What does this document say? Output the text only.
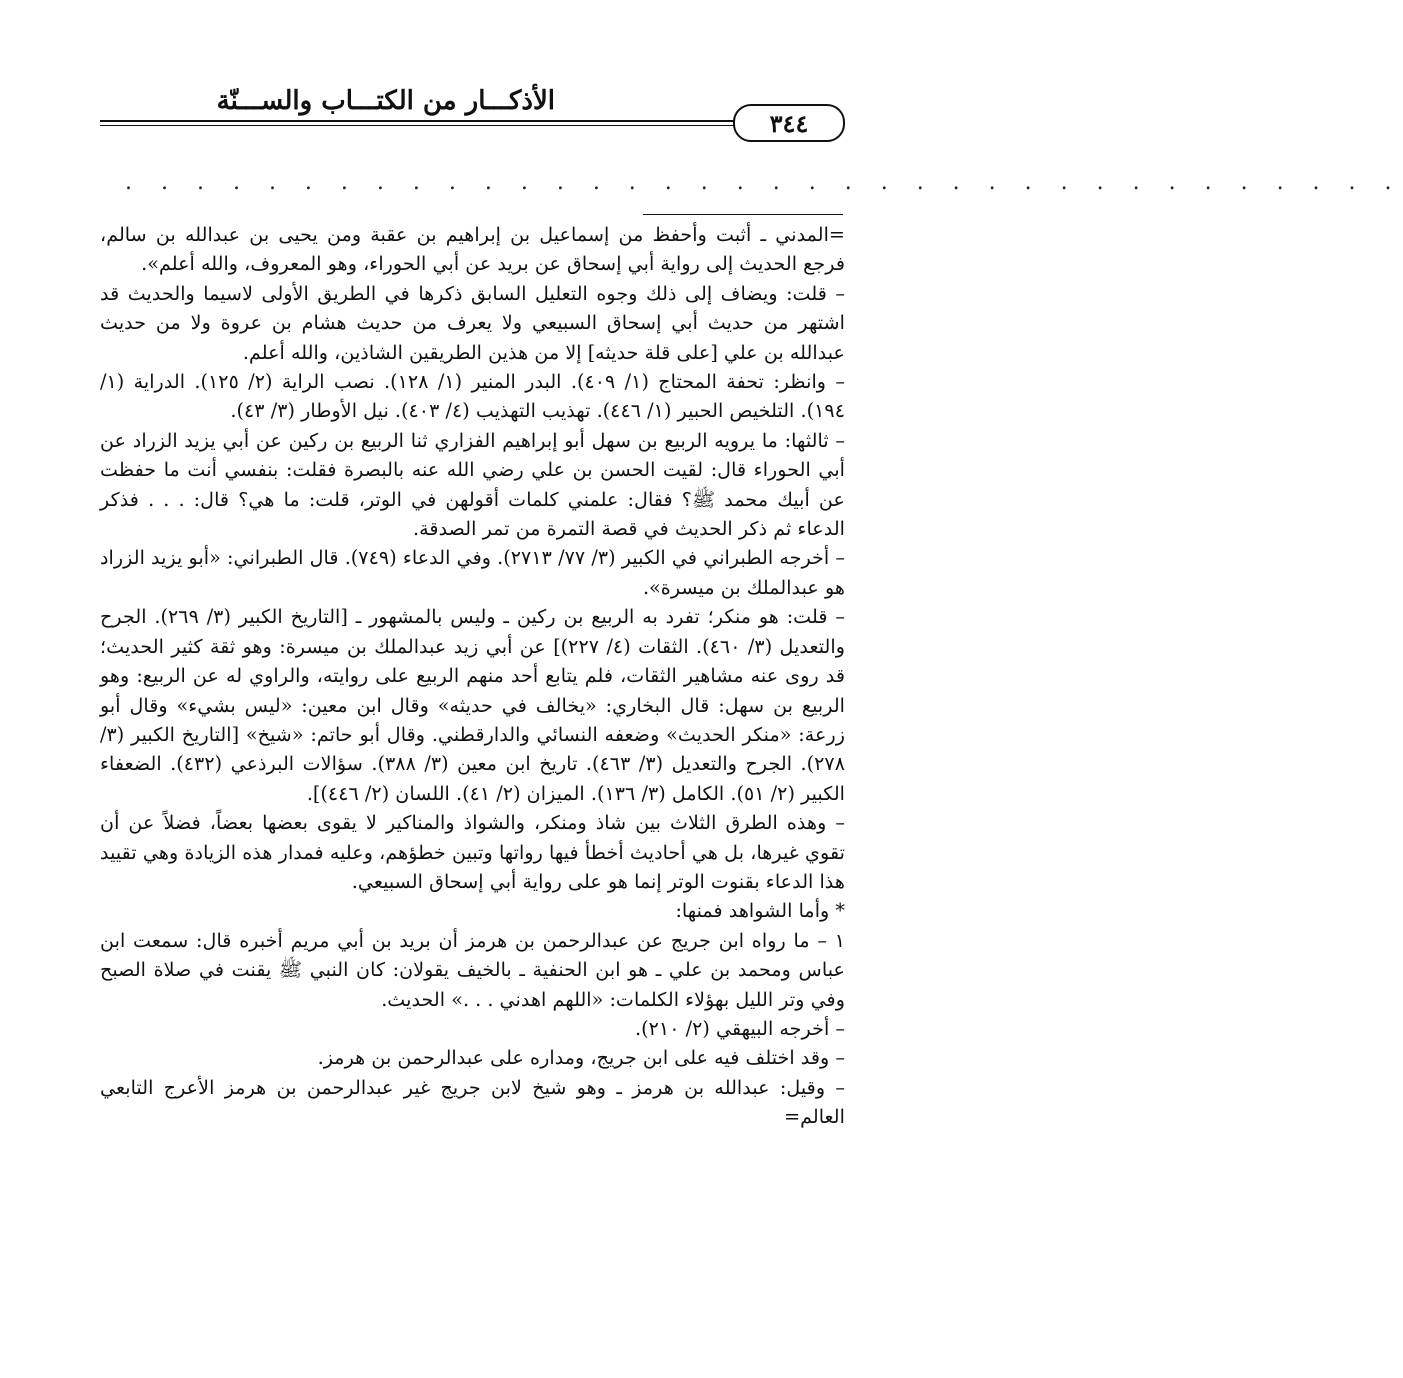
الأذكـــار من الكتـــاب والســـنّة
٣٤٤
. . . . . . . . . . . . . . . . . . . . . . . . . . . . . . . . . . . .

=المدني ـ أثبت وأحفظ من إسماعيل بن إبراهيم بن عقبة ومن يحيى بن عبدالله بن سالم، فرجع الحديث إلى رواية أبي إسحاق عن بريد عن أبي الحوراء، وهو المعروف، والله أعلم».

– قلت: ويضاف إلى ذلك وجوه التعليل السابق ذكرها في الطريق الأولى لاسيما والحديث قد اشتهر من حديث أبي إسحاق السبيعي ولا يعرف من حديث هشام بن عروة ولا من حديث عبدالله بن علي [على قلة حديثه] إلا من هذين الطريقين الشاذين، والله أعلم.

– وانظر: تحفة المحتاج (١/ ٤٠٩). البدر المنير (١/ ١٢٨). نصب الراية (٢/ ١٢٥). الدراية (١/ ١٩٤). التلخيص الحبير (١/ ٤٤٦). تهذيب التهذيب (٤/ ٤٠٣). نيل الأوطار (٣/ ٤٣).

– ثالثها: ما يرويه الربيع بن سهل أبو إبراهيم الفزاري ثنا الربيع بن ركين عن أبي يزيد الزراد عن أبي الحوراء قال: لقيت الحسن بن علي رضي الله عنه بالبصرة فقلت: بنفسي أنت ما حفظت عن أبيك محمد ﷺ؟ فقال: علمني كلمات أقولهن في الوتر، قلت: ما هي؟ قال: . . . فذكر الدعاء ثم ذكر الحديث في قصة التمرة من تمر الصدقة.

– أخرجه الطبراني في الكبير (٣/ ٧٧/ ٢٧١٣). وفي الدعاء (٧٤٩). قال الطبراني: «أبو يزيد الزراد هو عبدالملك بن ميسرة».

– قلت: هو منكر؛ تفرد به الربيع بن ركين ـ وليس بالمشهور ـ [التاريخ الكبير (٣/ ٢٦٩). الجرح والتعديل (٣/ ٤٦٠). الثقات (٤/ ٢٢٧)] عن أبي زيد عبدالملك بن ميسرة: وهو ثقة كثير الحديث؛ قد روى عنه مشاهير الثقات، فلم يتابع أحد منهم الربيع على روايته، والراوي له عن الربيع: وهو الربيع بن سهل: قال البخاري: «يخالف في حديثه» وقال ابن معين: «ليس بشيء» وقال أبو زرعة: «منكر الحديث» وضعفه النسائي والدارقطني. وقال أبو حاتم: «شيخ» [التاريخ الكبير (٣/ ٢٧٨). الجرح والتعديل (٣/ ٤٦٣). تاريخ ابن معين (٣/ ٣٨٨). سؤالات البرذعي (٤٣٢). الضعفاء الكبير (٢/ ٥١). الكامل (٣/ ١٣٦). الميزان (٢/ ٤١). اللسان (٢/ ٤٤٦)].

– وهذه الطرق الثلاث بين شاذ ومنكر، والشواذ والمناكير لا يقوى بعضها بعضاً، فضلاً عن أن تقوي غيرها، بل هي أحاديث أخطأ فيها رواتها وتبين خطؤهم، وعليه فمدار هذه الزيادة وهي تقييد هذا الدعاء بقنوت الوتر إنما هو على رواية أبي إسحاق السبيعي.

* وأما الشواهد فمنها:

١ – ما رواه ابن جريج عن عبدالرحمن بن هرمز أن بريد بن أبي مريم أخبره قال: سمعت ابن عباس ومحمد بن علي ـ هو ابن الحنفية ـ بالخيف يقولان: كان النبي ﷺ يقنت في صلاة الصبح وفي وتر الليل بهؤلاء الكلمات: «اللهم اهدني . . .» الحديث.

– أخرجه البيهقي (٢/ ٢١٠).

– وقد اختلف فيه على ابن جريج، ومداره على عبدالرحمن بن هرمز.

– وقيل: عبدالله بن هرمز ـ وهو شيخ لابن جريج غير عبدالرحمن بن هرمز الأعرج التابعي العالم=
